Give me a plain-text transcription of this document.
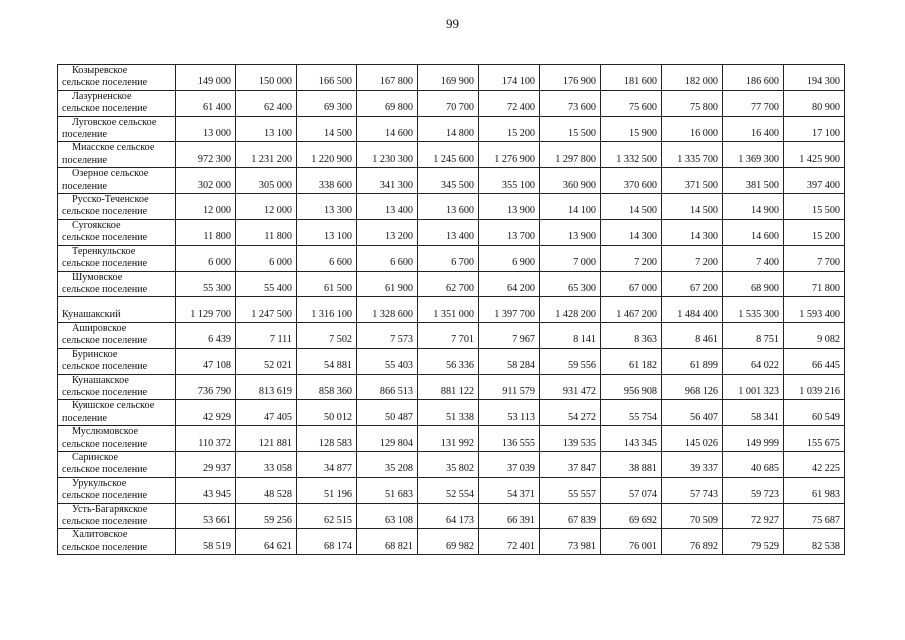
99
Козыревское
сельское поселение	149 000	150 000	166 500	167 800	169 900	174 100	176 900	181 600	182 000	186 600	194 300

Лазурненское
сельское поселение	61 400	62 400	69 300	69 800	70 700	72 400	73 600	75 600	75 800	77 700	80 900

Луговское сельское
поселение	13 000	13 100	14 500	14 600	14 800	15 200	15 500	15 900	16 000	16 400	17 100

Миасское сельское
поселение	972 300	1 231 200	1 220 900	1 230 300	1 245 600	1 276 900	1 297 800	1 332 500	1 335 700	1 369 300	1 425 900

Озерное сельское
поселение	302 000	305 000	338 600	341 300	345 500	355 100	360 900	370 600	371 500	381 500	397 400

Русско-Теченское
сельское поселение	12 000	12 000	13 300	13 400	13 600	13 900	14 100	14 500	14 500	14 900	15 500

Сугоякское
сельское поселение	11 800	11 800	13 100	13 200	13 400	13 700	13 900	14 300	14 300	14 600	15 200

Теренкульское
сельское поселение	6 000	6 000	6 600	6 600	6 700	6 900	7 000	7 200	7 200	7 400	7 700

Шумовское
сельское поселение	55 300	55 400	61 500	61 900	62 700	64 200	65 300	67 000	67 200	68 900	71 800

Кунашакский	1 129 700	1 247 500	1 316 100	1 328 600	1 351 000	1 397 700	1 428 200	1 467 200	1 484 400	1 535 300	1 593 400

Ашировское
сельское поселение	6 439	7 111	7 502	7 573	7 701	7 967	8 141	8 363	8 461	8 751	9 082

Буринское
сельское поселение	47 108	52 021	54 881	55 403	56 336	58 284	59 556	61 182	61 899	64 022	66 445

Кунашакское
сельское поселение	736 790	813 619	858 360	866 513	881 122	911 579	931 472	956 908	968 126	1 001 323	1 039 216

Куяшское сельское
поселение	42 929	47 405	50 012	50 487	51 338	53 113	54 272	55 754	56 407	58 341	60 549

Муслюмовское
сельское поселение	110 372	121 881	128 583	129 804	131 992	136 555	139 535	143 345	145 026	149 999	155 675

Саринское
сельское поселение	29 937	33 058	34 877	35 208	35 802	37 039	37 847	38 881	39 337	40 685	42 225

Урукульское
сельское поселение	43 945	48 528	51 196	51 683	52 554	54 371	55 557	57 074	57 743	59 723	61 983

Усть-Багарякское
сельское поселение	53 661	59 256	62 515	63 108	64 173	66 391	67 839	69 692	70 509	72 927	75 687

Халитовское
сельское поселение	58 519	64 621	68 174	68 821	69 982	72 401	73 981	76 001	76 892	79 529	82 538
